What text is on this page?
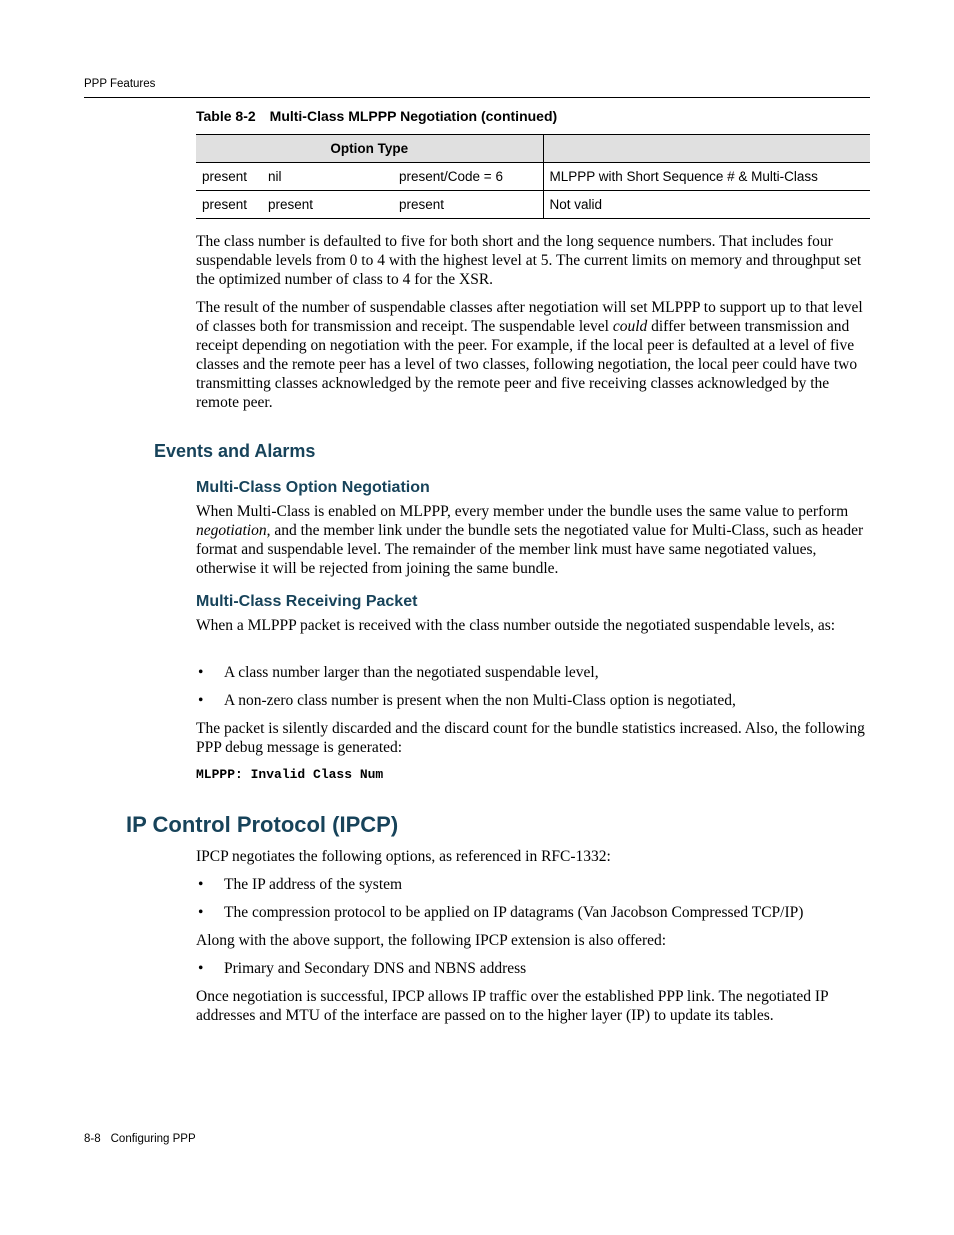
PPP Features
Table 8-2 Multi-Class MLPPP Negotiation (continued)
Option Type			
present	nil	present/Code = 6	MLPPP with Short Sequence # & Multi-Class
present	present	present	Not valid

The class number is defaulted to five for both short and the long sequence numbers. That includes four suspendable levels from 0 to 4 with the highest level at 5. The current limits on memory and throughput set the optimized number of class to 4 for the XSR.

The result of the number of suspendable classes after negotiation will set MLPPP to support up to that level of classes both for transmission and receipt. The suspendable level could differ between transmission and receipt depending on negotiation with the peer. For example, if the local peer is defaulted at a level of five classes and the remote peer has a level of two classes, following negotiation, the local peer could have two transmitting classes acknowledged by the remote peer and five receiving classes acknowledged by the remote peer.

Events and Alarms
Multi-Class Option Negotiation

When Multi-Class is enabled on MLPPP, every member under the bundle uses the same value to perform negotiation, and the member link under the bundle sets the negotiated value for Multi-Class, such as header format and suspendable level. The remainder of the member link must have same negotiated values, otherwise it will be rejected from joining the same bundle.

Multi-Class Receiving Packet

When a MLPPP packet is received with the class number outside the negotiated suspendable levels, as:

• A class number larger than the negotiated suspendable level,
• A non-zero class number is present when the non Multi-Class option is negotiated,

The packet is silently discarded and the discard count for the bundle statistics increased. Also, the following PPP debug message is generated:

MLPPP: Invalid Class Num
IP Control Protocol (IPCP)

IPCP negotiates the following options, as referenced in RFC-1332:

• The IP address of the system
• The compression protocol to be applied on IP datagrams (Van Jacobson Compressed TCP/IP)

Along with the above support, the following IPCP extension is also offered:

• Primary and Secondary DNS and NBNS address

Once negotiation is successful, IPCP allows IP traffic over the established PPP link. The negotiated IP addresses and MTU of the interface are passed on to the higher layer (IP) to update its tables.

8-8 Configuring PPP
